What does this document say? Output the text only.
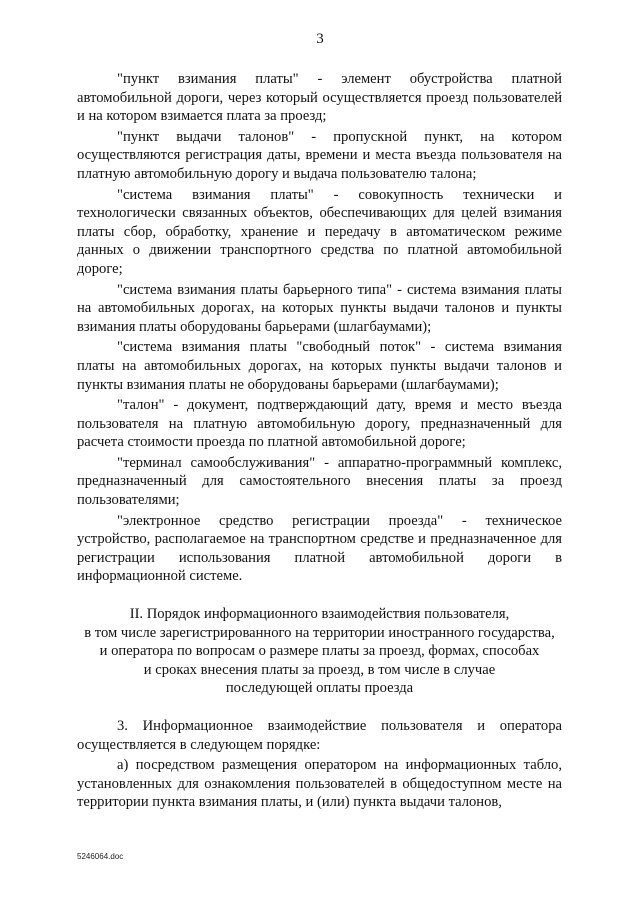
3

"пункт взимания платы" - элемент обустройства платной автомобильной дороги, через который осуществляется проезд пользователей и на котором взимается плата за проезд;

"пункт выдачи талонов" - пропускной пункт, на котором осуществляются регистрация даты, времени и места въезда пользователя на платную автомобильную дорогу и выдача пользователю талона;

"система взимания платы" - совокупность технически и технологически связанных объектов, обеспечивающих для целей взимания платы сбор, обработку, хранение и передачу в автоматическом режиме данных о движении транспортного средства по платной автомобильной дороге;

"система взимания платы барьерного типа" - система взимания платы на автомобильных дорогах, на которых пункты выдачи талонов и пункты взимания платы оборудованы барьерами (шлагбаумами);

"система взимания платы "свободный поток" - система взимания платы на автомобильных дорогах, на которых пункты выдачи талонов и пункты взимания платы не оборудованы барьерами (шлагбаумами);

"талон" - документ, подтверждающий дату, время и место въезда пользователя на платную автомобильную дорогу, предназначенный для расчета стоимости проезда по платной автомобильной дороге;

"терминал самообслуживания" - аппаратно-программный комплекс, предназначенный для самостоятельного внесения платы за проезд пользователями;

"электронное средство регистрации проезда" - техническое устройство, располагаемое на транспортном средстве и предназначенное для регистрации использования платной автомобильной дороги в информационной системе.

II. Порядок информационного взаимодействия пользователя,
в том числе зарегистрированного на территории иностранного государства,
и оператора по вопросам о размере платы за проезд, формах, способах
и сроках внесения платы за проезд, в том числе в случае
последующей оплаты проезда

3. Информационное взаимодействие пользователя и оператора осуществляется в следующем порядке:

а) посредством размещения оператором на информационных табло, установленных для ознакомления пользователей в общедоступном месте на территории пункта взимания платы, и (или) пункта выдачи талонов,

5246064.doc
